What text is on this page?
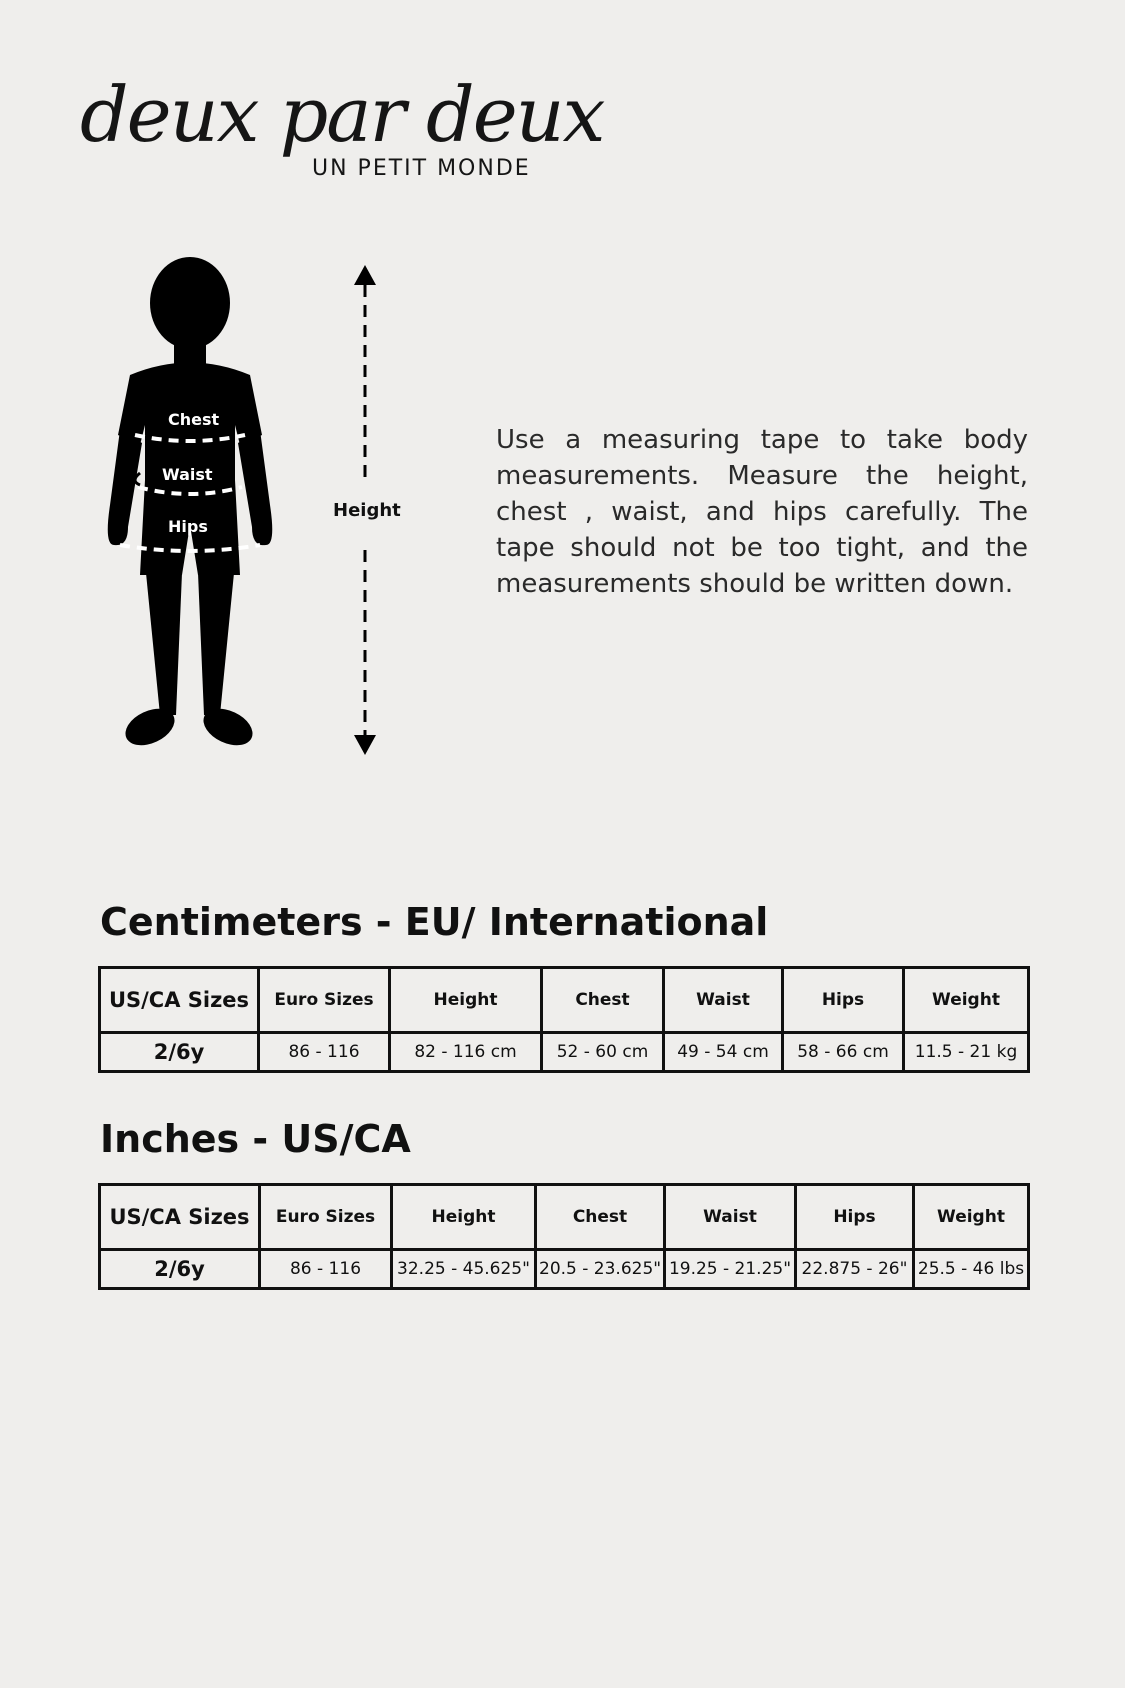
deux par deux
UN PETIT MONDE
Chest
Waist
Hips
Height
Use a measuring tape to take body measurements. Measure the height, chest , waist, and hips carefully. The tape should not be too tight, and the measurements should be written down.
Centimeters - EU/ International
US/CA Sizes	Euro Sizes	Height	Chest	Waist	Hips	Weight
2/6y	86 - 116	82 - 116 cm	52 - 60 cm	49 - 54 cm	58 - 66 cm	11.5 - 21 kg
Inches - US/CA
US/CA Sizes	Euro Sizes	Height	Chest	Waist	Hips	Weight
2/6y	86 - 116	32.25 - 45.625"	20.5 - 23.625"	19.25 - 21.25"	22.875 - 26"	25.5 - 46 lbs
